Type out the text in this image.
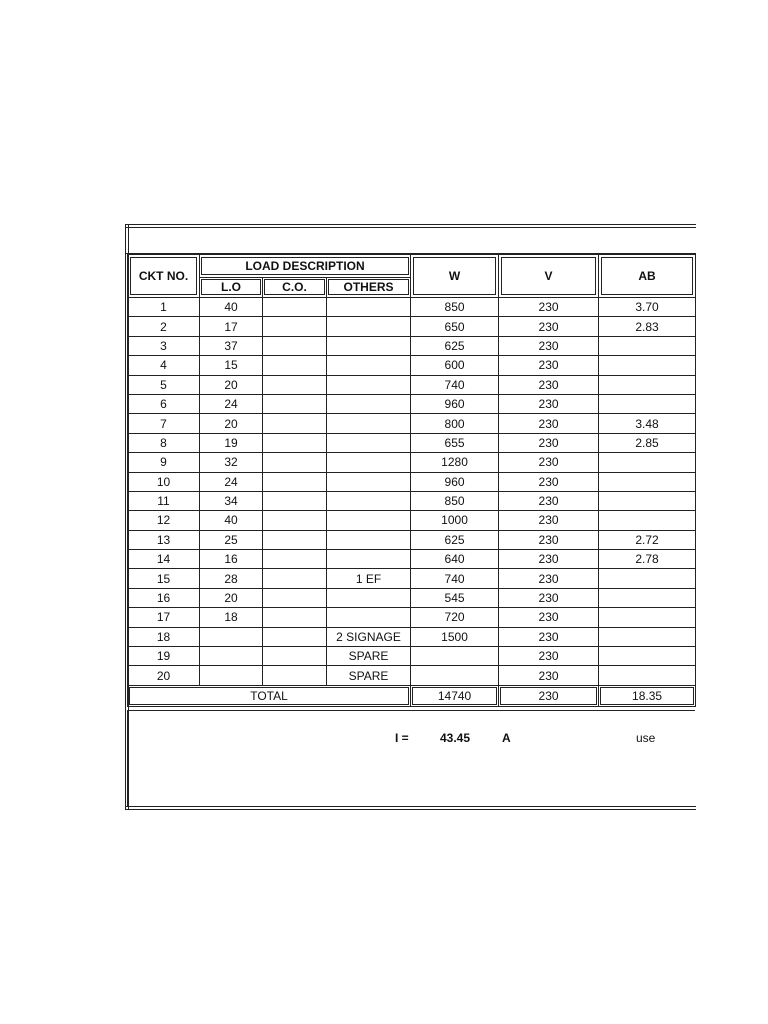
CKT NO.	LOAD DESCRIPTION			W	V	AB

L.O	C.O.	OTHERS			

1	40			850	230	3.70
2	17			650	230	2.83
3	37			625	230	
4	15			600	230	
5	20			740	230	
6	24			960	230	
7	20			800	230	3.48
8	19			655	230	2.85
9	32			1280	230	
10	24			960	230	
11	34			850	230	
12	40			1000	230	
13	25			625	230	2.72
14	16			640	230	2.78
15	28		1 EF	740	230	
16	20			545	230	
17	18			720	230	
18			2 SIGNAGE	1500	230	
19			SPARE		230	
20			SPARE		230	

TOTAL				14740	230	18.35
I =	43.45	A	use
